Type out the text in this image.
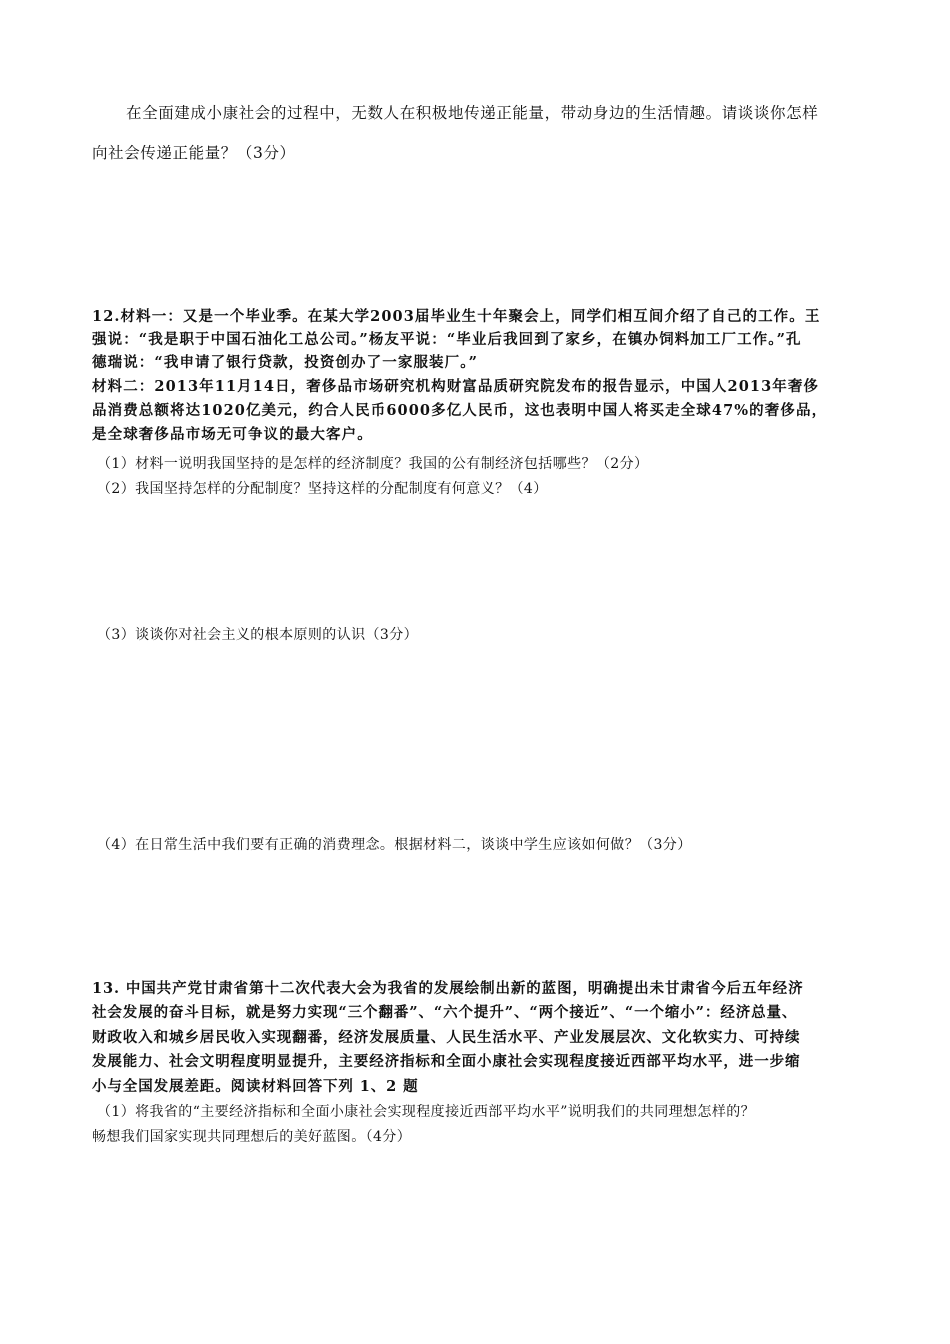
在全面建成小康社会的过程中，无数人在积极地传递正能量，带动身边的生活情趣。请谈谈你怎样
向社会传递正能量？（3分）
12.材料一：又是一个毕业季。在某大学2003届毕业生十年聚会上，同学们相互间介绍了自己的工作。王
强说：“我是职于中国石油化工总公司。”杨友平说：“毕业后我回到了家乡，在镇办饲料加工厂工作。”孔
德瑞说：“我申请了银行贷款，投资创办了一家服装厂。”
材料二：2013年11月14日，奢侈品市场研究机构财富品质研究院发布的报告显示，中国人2013年奢侈
品消费总额将达1020亿美元，约合人民币6000多亿人民币，这也表明中国人将买走全球47%的奢侈品，
是全球奢侈品市场无可争议的最大客户。
（1）材料一说明我国坚持的是怎样的经济制度？我国的公有制经济包括哪些？（2分）
（2）我国坚持怎样的分配制度？坚持这样的分配制度有何意义？（4）
（3）谈谈你对社会主义的根本原则的认识（3分）
（4）在日常生活中我们要有正确的消费理念。根据材料二，谈谈中学生应该如何做？（3分）
13. 中国共产党甘肃省第十二次代表大会为我省的发展绘制出新的蓝图，明确提出未甘肃省今后五年经济
社会发展的奋斗目标，就是努力实现“三个翻番”、“六个提升”、“两个接近”、“一个缩小”：经济总量、
财政收入和城乡居民收入实现翻番，经济发展质量、人民生活水平、产业发展层次、文化软实力、可持续
发展能力、社会文明程度明显提升，主要经济指标和全面小康社会实现程度接近西部平均水平，进一步缩
小与全国发展差距。阅读材料回答下列 1、2 题
（1）将我省的“主要经济指标和全面小康社会实现程度接近西部平均水平”说明我们的共同理想怎样的？
畅想我们国家实现共同理想后的美好蓝图。（4分）
